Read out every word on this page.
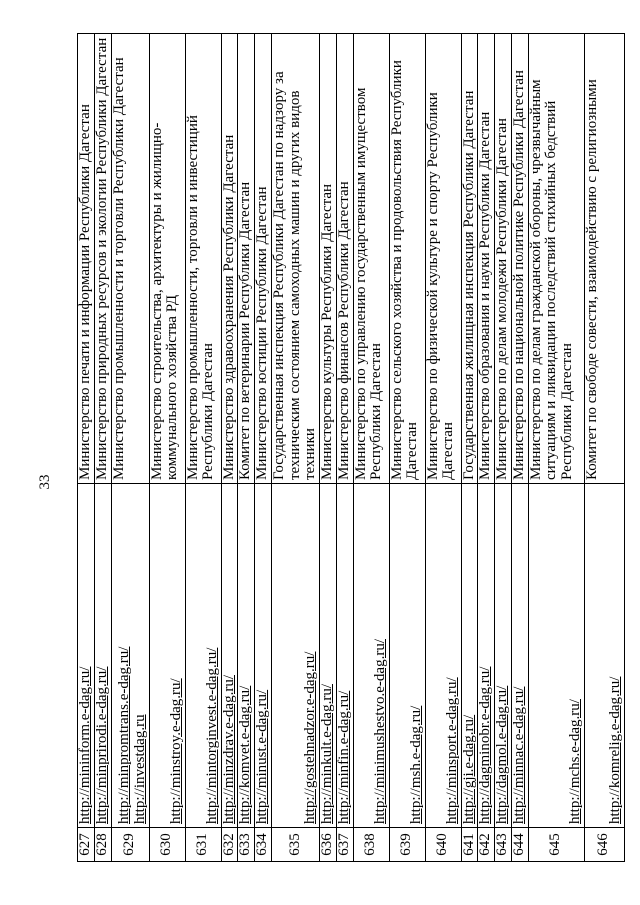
33
627	http://mininform.e-dag.ru/	Министерство печати и информации Республики Дагестан
628	http://minprirodi.e-dag.ru/	Министерство природных ресурсов и экологии Республики Дагестан
629	http://minpromtrans.e-dag.ru/ http://investdag.ru	Министерство промышленности и торговли Республики Дагестан
630	http://minstroy.e-dag.ru/	Министерство строительства, архитектуры и жилищно-коммунального хозяйства РД
631	http://mintorginvest.e-dag.ru/	Министерство промышленности, торговли и инвестиций Республики Дагестан
632	http://minzdrav.e-dag.ru/	Министерство здравоохранения Республики Дагестан
633	http://komvet.e-dag.ru/	Комитет по ветеринарии Республики Дагестан
634	http://minust.e-dag.ru/	Министерство юстиции Республики Дагестан
635	http://gostehnadzor.e-dag.ru/	Государственная инспекция Республики Дагестан по надзору за техническим состоянием самоходных машин и других видов техники
636	http://minkult.e-dag.ru/	Министерство культуры Республики Дагестан
637	http://minfin.e-dag.ru/	Министерство финансов Республики Дагестан
638	http://minimushestvo.e-dag.ru/	Министерство по управлению государственным имуществом Республики Дагестан
639	http://msh.e-dag.ru/	Министерство сельского хозяйства и продовольствия Республики Дагестан
640	http://minsport.e-dag.ru/	Министерство по физической культуре и спорту Республики Дагестан
641	http://gji.e-dag.ru/	Государственная жилищная инспекция Республики Дагестан
642	http://dagminobr.e-dag.ru/	Министерство образования и науки Республики Дагестан
643	http://dagmol.e-dag.ru/	Министерство по делам молодежи Республики Дагестан
644	http://minnac.e-dag.ru/	Министерство по национальной политике Республики Дагестан
645	http://mchs.e-dag.ru/	Министерство по делам гражданской обороны, чрезвычайным ситуациям и ликвидации последствий стихийных бедствий Республики Дагестан
646	http://komrelig.e-dag.ru/	Комитет по свободе совести, взаимодействию с религиозными
